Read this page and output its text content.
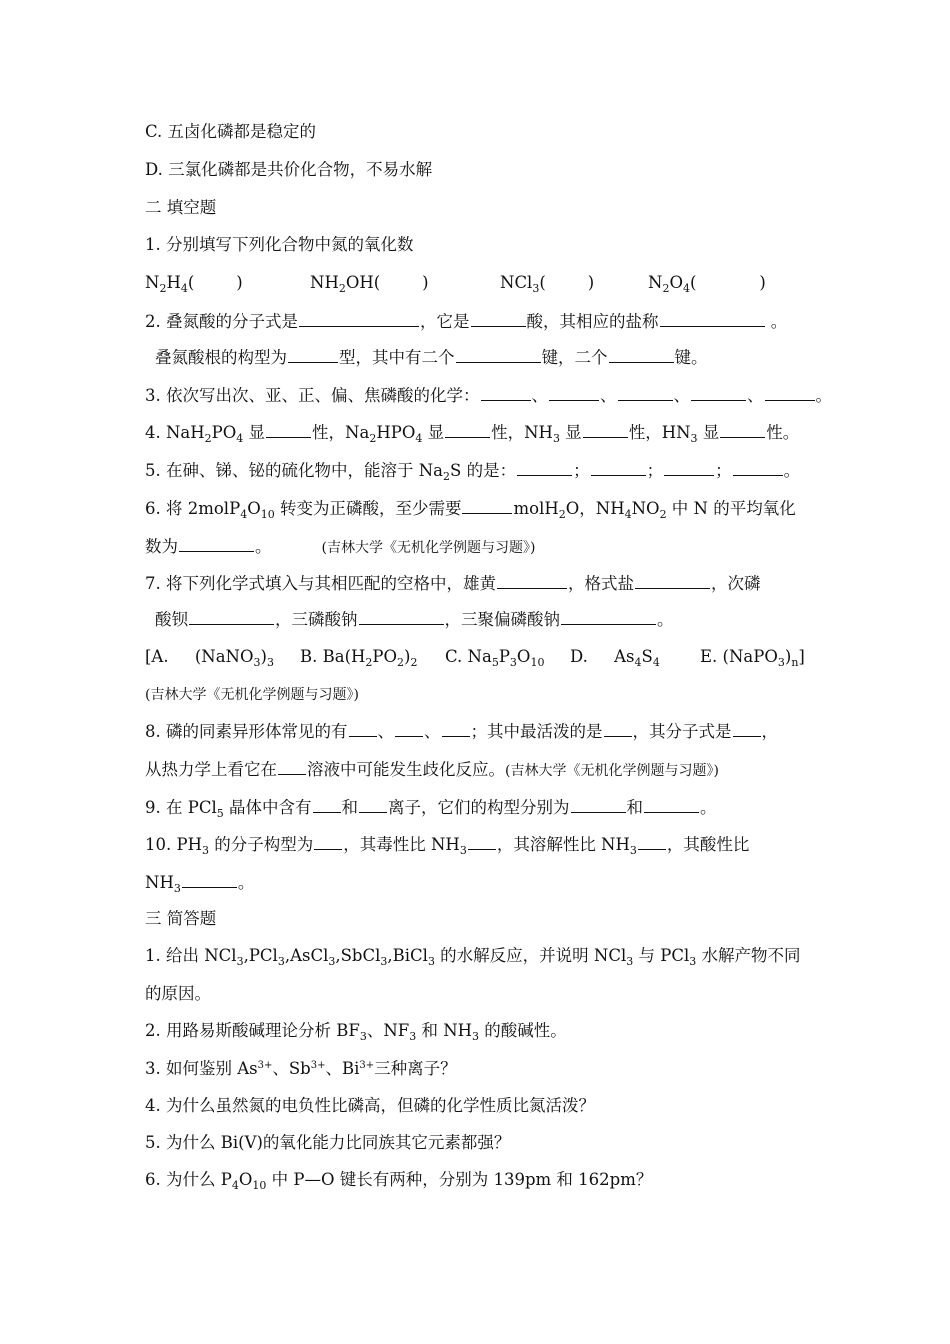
C. 五卤化磷都是稳定的
D. 三氯化磷都是共价化合物，不易水解
二 填空题
1. 分别填写下列化合物中氮的氧化数
$N_2H_4$(        )	$NH_2OH$(        )	NCl$_3$(        )	$N_2O_4$(            )
2. 叠氮酸的分子式是	，它是	酸，其相应的盐称	。
叠氮酸根的构型为	型，其中有二个	键，二个	键。
3. 依次写出次、亚、正、偏、焦磷酸的化学：	、	、	、	、	。
4. $NaH_2PO_4$ 显	性，$Na_2HPO_4$ 显	性，$NH_3$ 显	性，$HN_3$ 显	性。
5. 在砷、锑、铋的硫化物中，能溶于 $Na_2S$ 的是：	；	；	；	。
6. 将 $2molP_4O_{10}$ 转变为正磷酸，至少需要	molH$_2$O，$NH_4NO_2$ 中 N 的平均氧化
数为	。	(吉林大学《无机化学例题与习题》)
7. 将下列化学式填入与其相匹配的空格中，雄黄	，格式盐	，次磷
酸钡	，三磷酸钠	，三聚偏磷酸钠	。
[A.     $(NaNO_3)_3$ B. $Ba(H_2PO_2)_2$ C. $Na_5P_3O_{10}$ D.     $As_4S_4$ E. $(NaPO_3)_n$]
(吉林大学《无机化学例题与习题》)
8. 磷的同素异形体常见的有 、 、 ；其中最活泼的是 ，其分子式是 ，
从热力学上看它在 溶液中可能发生歧化反应。(吉林大学《无机化学例题与习题》)
9. 在 PCl$_5$ 晶体中含有 和 离子，它们的构型分别为	和	。
10. $PH_3$ 的分子构型为 ，其毒性比 $NH_3$ ，其溶解性比 $NH_3$ ，其酸性比
$NH_3$	。
三 简答题
1. 给出 NCl$_3$,PCl$_3$,AsCl$_3$,SbCl$_3$,BiCl$_3$ 的水解反应，并说明 NCl$_3$ 与 PCl$_3$ 水解产物不同
的原因。
2. 用路易斯酸碱理论分析 $BF_3$、$NF_3$ 和 $NH_3$ 的酸碱性。
3. 如何鉴别 $As^{3+}$、$Sb^{3+}$、$Bi^{3+}$三种离子？
4. 为什么虽然氮的电负性比磷高，但磷的化学性质比氮活泼？
5. 为什么 Bi(Ⅴ)的氧化能力比同族其它元素都强？
6. 为什么 $P_4O_{10}$ 中 P—O 键长有两种，分别为 139pm 和 162pm？
